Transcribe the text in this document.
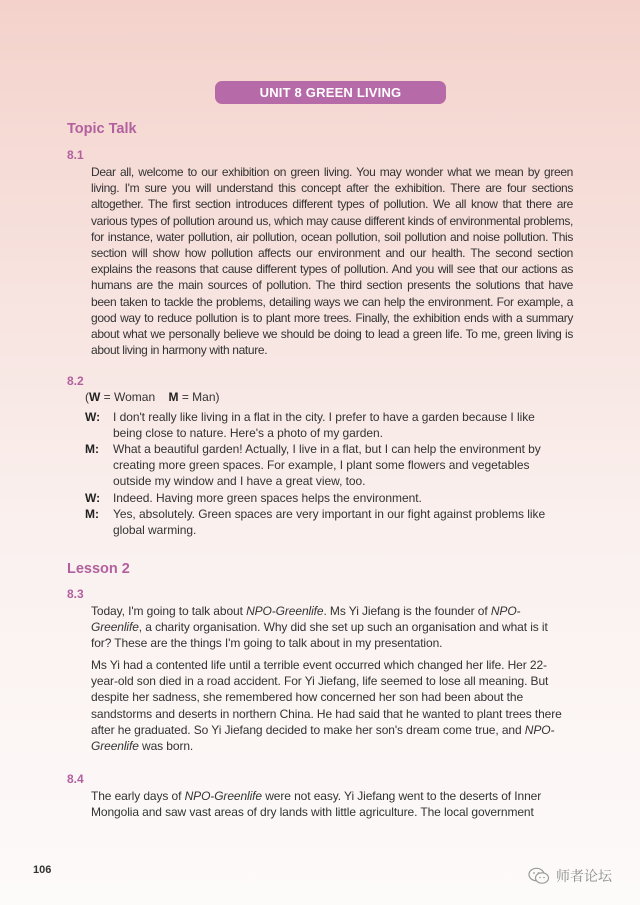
UNIT 8 GREEN LIVING
Topic Talk
8.1
Dear all, welcome to our exhibition on green living. You may wonder what we mean by green living. I'm sure you will understand this concept after the exhibition. There are four sections altogether. The first section introduces different types of pollution. We all know that there are various types of pollution around us, which may cause different kinds of environmental problems, for instance, water pollution, air pollution, ocean pollution, soil pollution and noise pollution. This section will show how pollution affects our environment and our health. The second section explains the reasons that cause different types of pollution. And you will see that our actions as humans are the main sources of pollution. The third section presents the solutions that have been taken to tackle the problems, detailing ways we can help the environment. For example, a good way to reduce pollution is to plant more trees. Finally, the exhibition ends with a summary about what we personally believe we should be doing to lead a green life. To me, green living is about living in harmony with nature.
8.2
(W = Woman M = Man)
W: I don't really like living in a flat in the city. I prefer to have a garden because I like being close to nature. Here's a photo of my garden.
M: What a beautiful garden! Actually, I live in a flat, but I can help the environment by creating more green spaces. For example, I plant some flowers and vegetables outside my window and I have a great view, too.
W: Indeed. Having more green spaces helps the environment.
M: Yes, absolutely. Green spaces are very important in our fight against problems like global warming.
Lesson 2
8.3
Today, I'm going to talk about NPO-Greenlife. Ms Yi Jiefang is the founder of NPO-Greenlife, a charity organisation. Why did she set up such an organisation and what is it for? These are the things I'm going to talk about in my presentation.
Ms Yi had a contented life until a terrible event occurred which changed her life. Her 22-year-old son died in a road accident. For Yi Jiefang, life seemed to lose all meaning. But despite her sadness, she remembered how concerned her son had been about the sandstorms and deserts in northern China. He had said that he wanted to plant trees there after he graduated. So Yi Jiefang decided to make her son's dream come true, and NPO-Greenlife was born.
8.4
The early days of NPO-Greenlife were not easy. Yi Jiefang went to the deserts of Inner Mongolia and saw vast areas of dry lands with little agriculture. The local government
106	师者论坛
